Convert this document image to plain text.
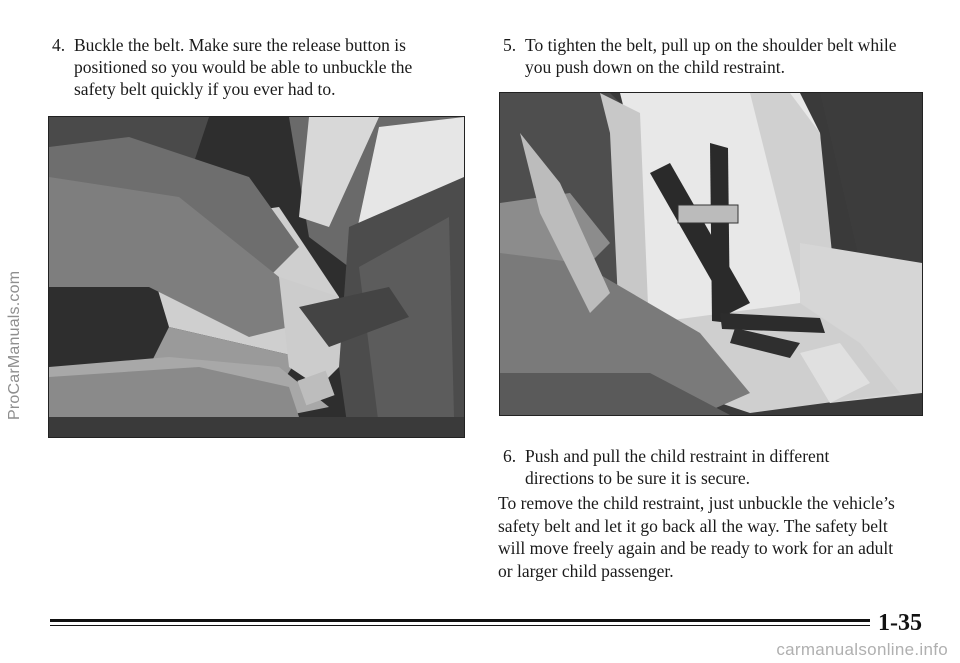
4. Buckle the belt. Make sure the release button is
positioned so you would be able to unbuckle the
safety belt quickly if you ever had to.
5. To tighten the belt, pull up on the shoulder belt while
you push down on the child restraint.
6. Push and pull the child restraint in different
directions to be sure it is secure.
To remove the child restraint, just unbuckle the vehicle’s
safety belt and let it go back all the way. The safety belt
will move freely again and be ready to work for an adult
or larger child passenger.
ProCarManuals.com
1-35
carmanualsonline.info
